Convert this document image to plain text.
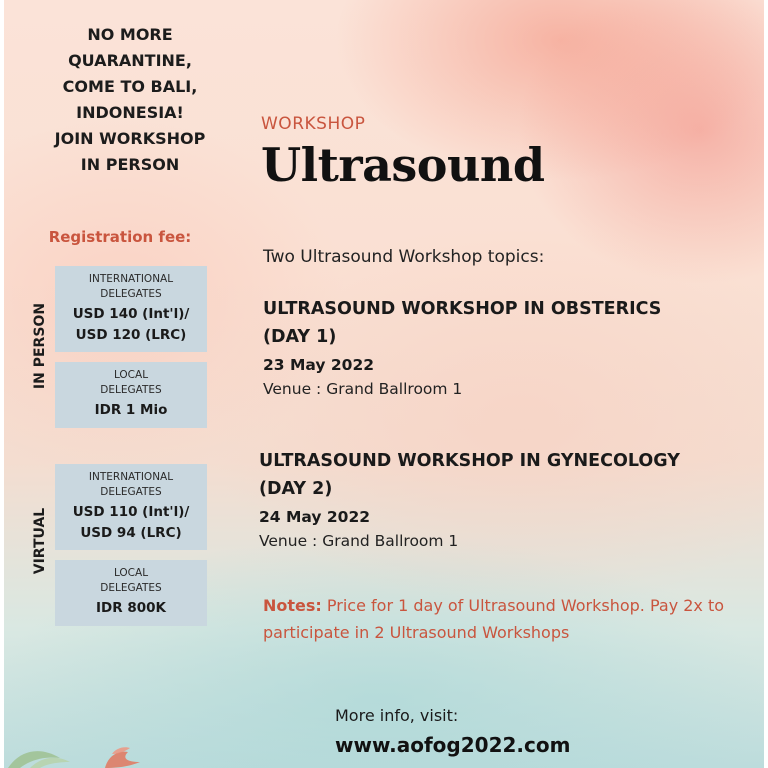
NO MORE
QUARANTINE,
COME TO BALI,
INDONESIA!
JOIN WORKSHOP
IN PERSON
Registration fee:
IN PERSON
INTERNATIONAL
DELEGATES
USD 140 (Int'l)/
USD 120 (LRC)
LOCAL
DELEGATES
IDR 1 Mio
VIRTUAL
INTERNATIONAL
DELEGATES
USD 110 (Int'l)/
USD 94 (LRC)
LOCAL
DELEGATES
IDR 800K
WORKSHOP
Ultrasound
Two Ultrasound Workshop topics:
ULTRASOUND WORKSHOP IN OBSTERICS
(DAY 1)
23 May 2022
Venue : Grand Ballroom 1
ULTRASOUND WORKSHOP IN GYNECOLOGY
(DAY 2)
24 May 2022
Venue : Grand Ballroom 1
Notes: Price for 1 day of Ultrasound Workshop. Pay 2x to participate in 2 Ultrasound Workshops
More info, visit:
www.aofog2022.com
